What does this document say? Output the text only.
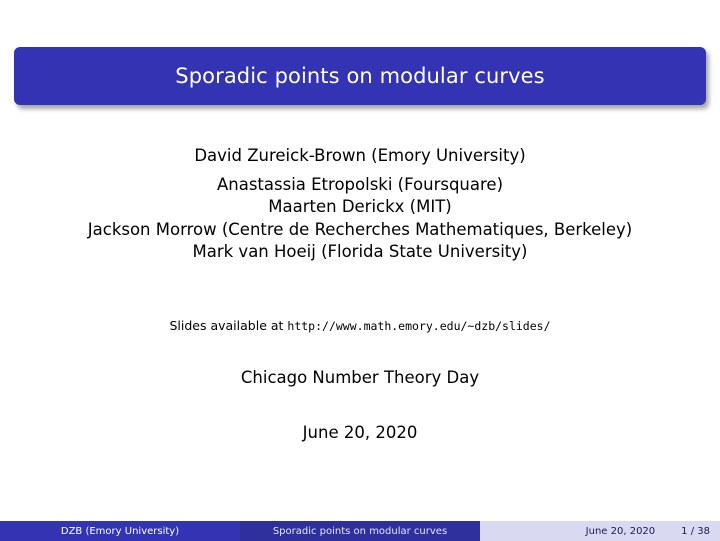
Sporadic points on modular curves
David Zureick-Brown (Emory University)
Anastassia Etropolski (Foursquare)
Maarten Derickx (MIT)
Jackson Morrow (Centre de Recherches Mathematiques, Berkeley)
Mark van Hoeij (Florida State University)
Slides available at http://www.math.emory.edu/~dzb/slides/
Chicago Number Theory Day
June 20, 2020
DZB (Emory University)	Sporadic points on modular curves	June 20, 2020	1 / 38
